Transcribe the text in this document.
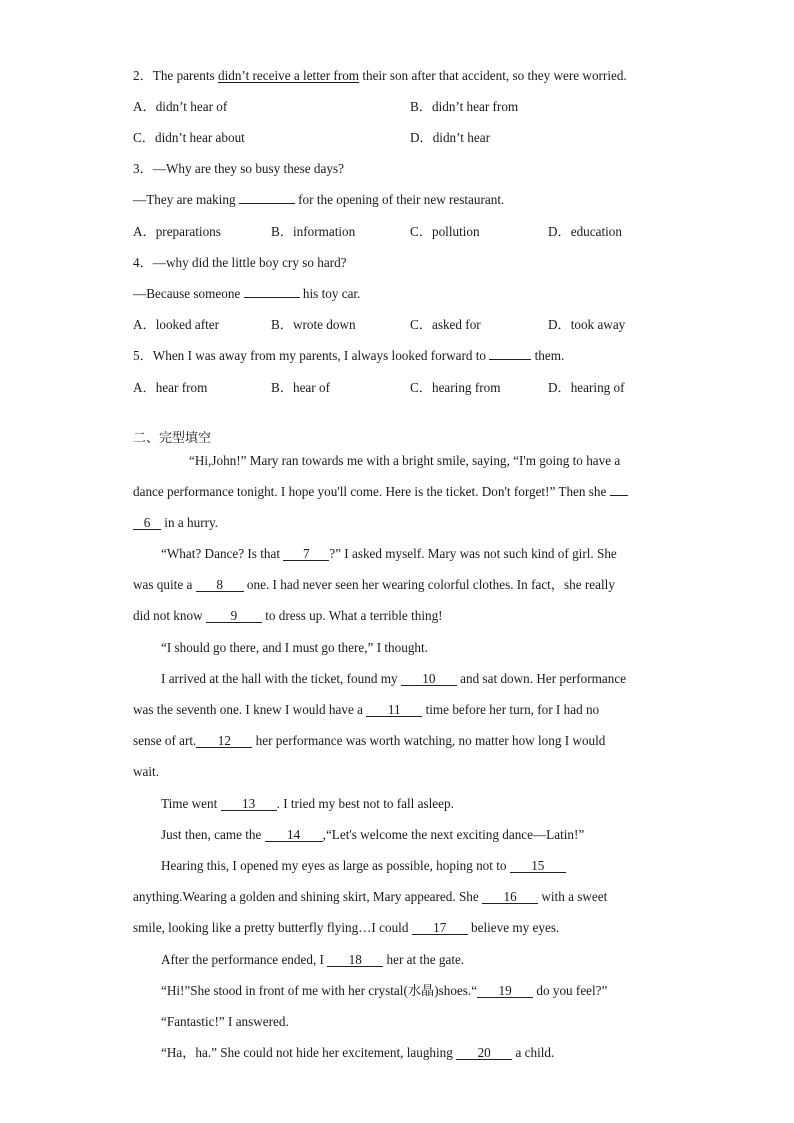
2．The parents didn’t receive a letter from their son after that accident, so they were worried.
A．didn’t hear of	B．didn’t hear from
C．didn’t hear about	D．didn’t hear
3．—Why are they so busy these days?
—They are making	for the opening of their new restaurant.
A．preparations	B．information	C．pollution	D．education
4．—why did the little boy cry so hard?
—Because someone	his toy car.
A．looked after	B．wrote down	C．asked for	D．took away
5．When I was away from my parents, I always looked forward to	them.
A．hear from	B．hear of	C．hearing from	D．hearing of
二、完型填空
“Hi,John!” Mary ran towards me with a bright smile, saying, “I'm going to have a
dance performance tonight. I hope you'll come. Here is the ticket. Don't forget!” Then she
6 in a hurry.
“What? Dance? Is that 7 ?” I asked myself. Mary was not such kind of girl. She
was quite a 8 one. I had never seen her wearing colorful clothes. In fact，she really
did not know 9 to dress up. What a terrible thing!
“I should go there, and I must go there,” I thought.
I arrived at the hall with the ticket, found my 10 and sat down. Her performance
was the seventh one. I knew I would have a 11 time before her turn, for I had no
sense of art. 12 her performance was worth watching, no matter how long I would
wait.
Time went 13 . I tried my best not to fall asleep.
Just then, came the 14 ,“Let's welcome the next exciting dance—Latin!”
Hearing this, I opened my eyes as large as possible, hoping not to 15
anything.Wearing a golden and shining skirt, Mary appeared. She 16 with a sweet
smile, looking like a pretty butterfly flying…I could 17 believe my eyes.
After the performance ended, I 18 her at the gate.
“Hi!”She stood in front of me with her crystal(水晶)shoes.“ 19 do you feel?”
“Fantastic!” I answered.
“Ha，ha.” She could not hide her excitement, laughing 20 a child.
